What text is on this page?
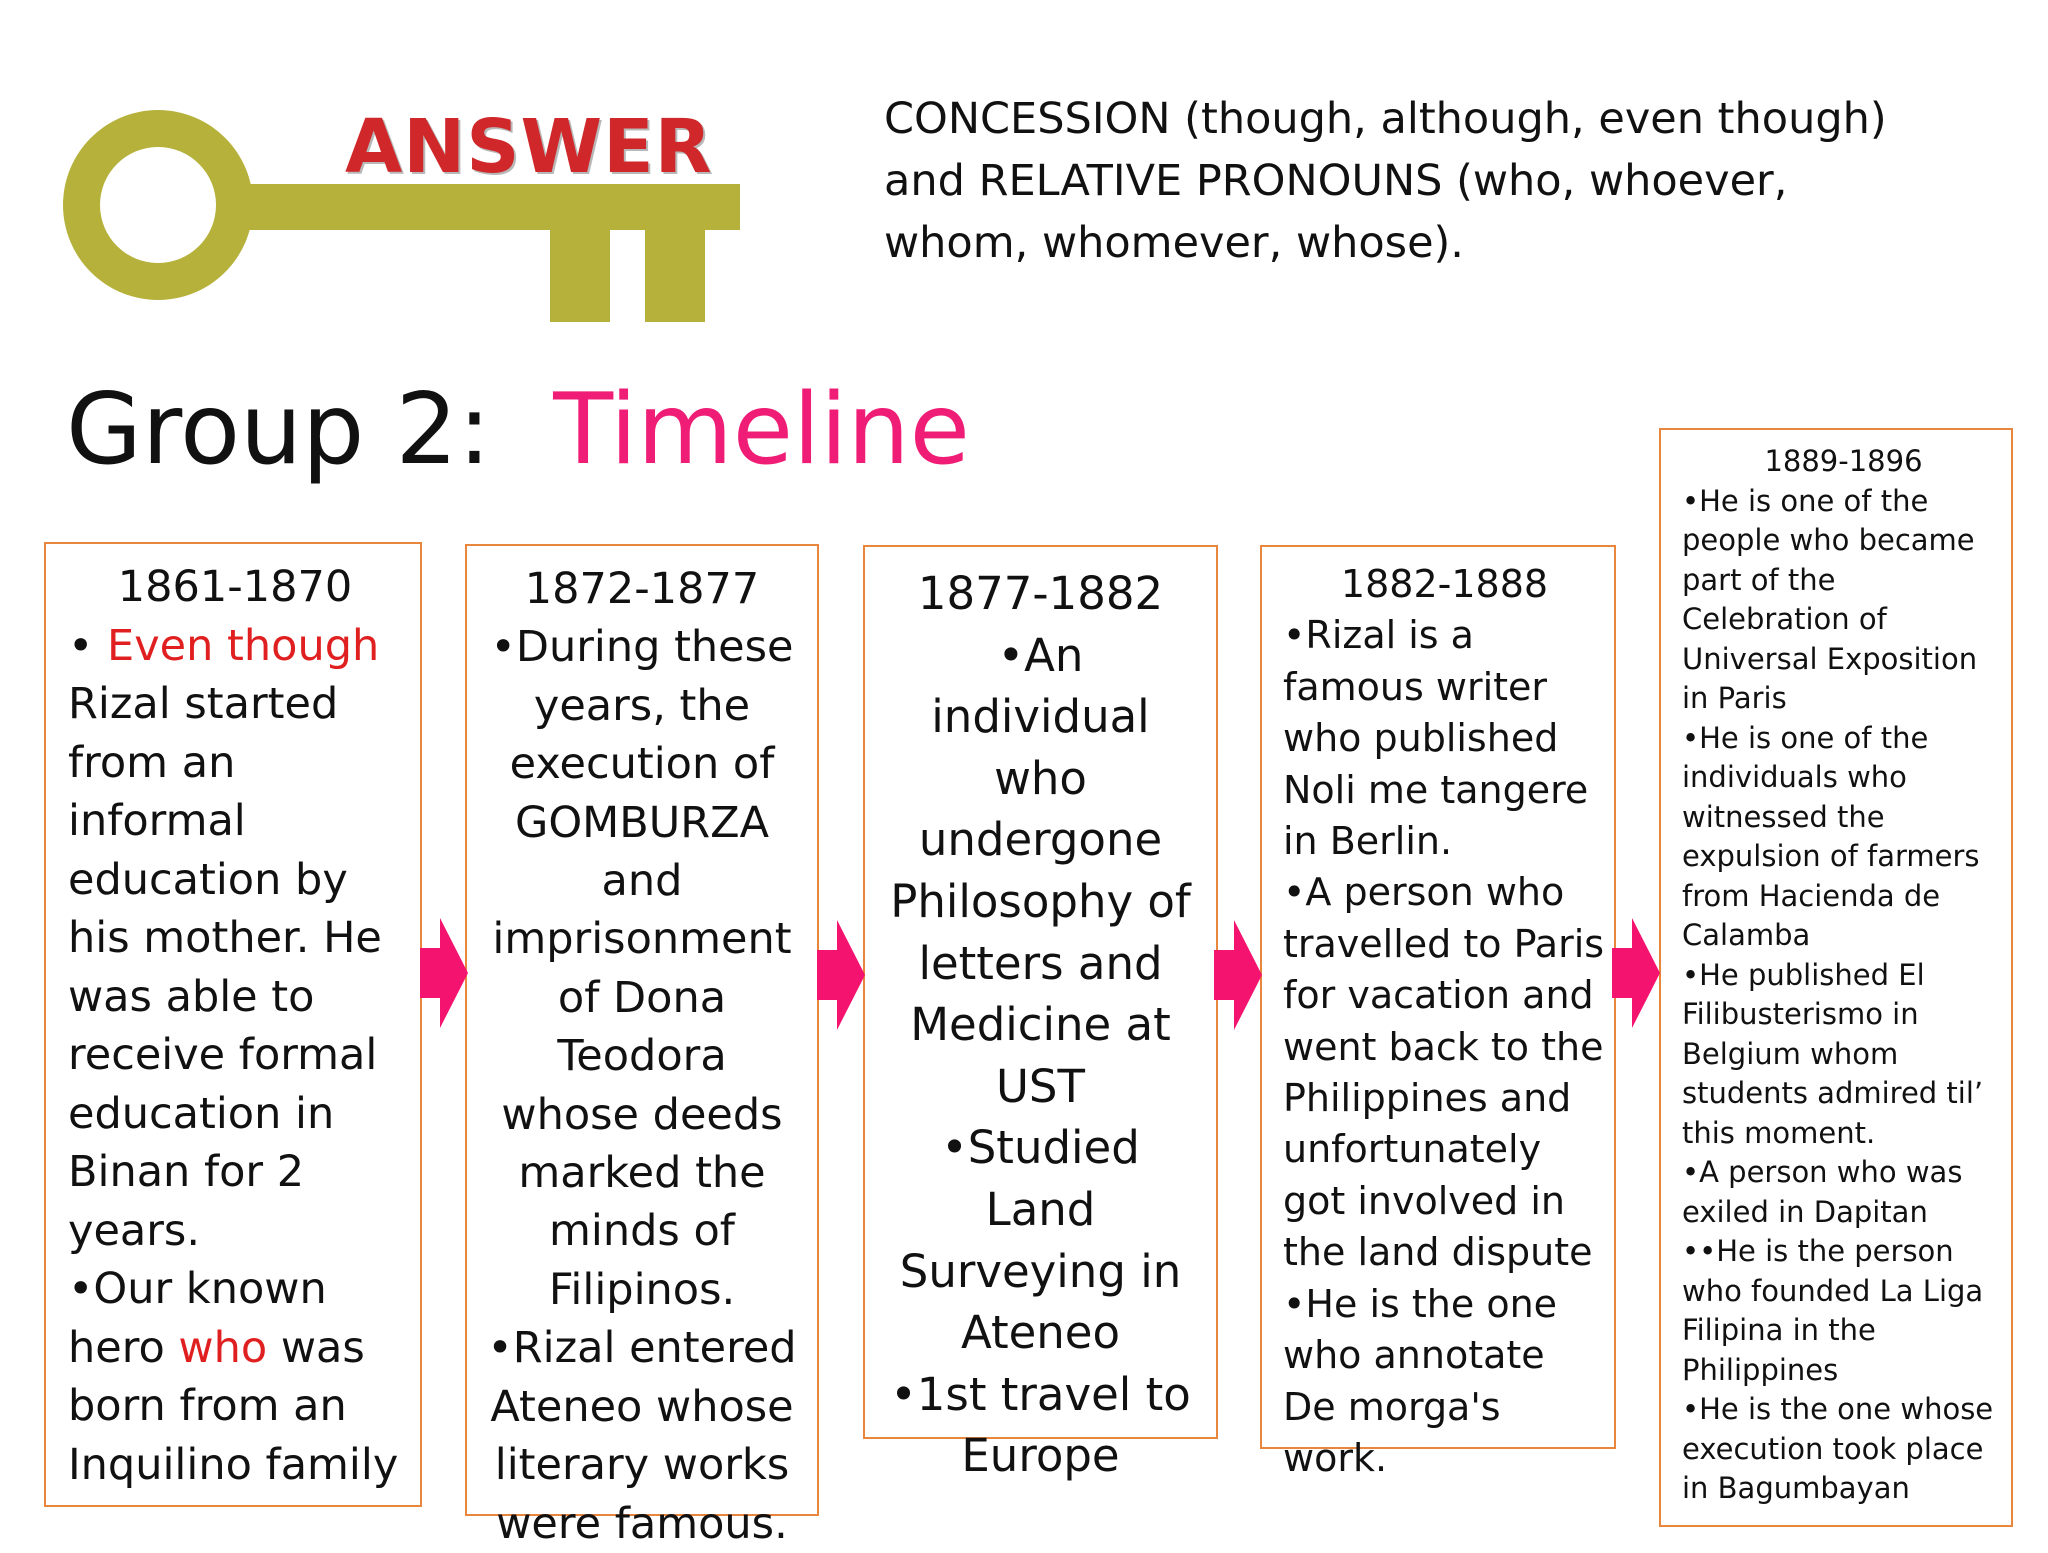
ANSWER	CONCESSION (though, although, even though)
and RELATIVE PRONOUNS (who, whoever,
whom, whomever, whose).
Group 2: Timeline
1861-1870
• Even though
Rizal started
from an
informal
education by
his mother. He
was able to
receive formal
education in
Binan for 2
years.
•Our known
hero who was
born from an
Inquilino family
1872-1877
•During these
years, the
execution of
GOMBURZA
and
imprisonment
of Dona
Teodora
whose deeds
marked the
minds of
Filipinos.
•Rizal entered
Ateneo whose
literary works
were famous.
1877-1882
•An
individual
who
undergone
Philosophy of
letters and
Medicine at
UST
•Studied
Land
Surveying in
Ateneo
•1st travel to
Europe
1882-1888
•Rizal is a
famous writer
who published
Noli me tangere
in Berlin.
•A person who
travelled to Paris
for vacation and
went back to the
Philippines and
unfortunately
got involved in
the land dispute
•He is the one
who annotate
De morga's
work.
1889-1896
•He is one of the
people who became
part of the
Celebration of
Universal Exposition
in Paris
•He is one of the
individuals who
witnessed the
expulsion of farmers
from Hacienda de
Calamba
•He published El
Filibusterismo in
Belgium whom
students admired til’
this moment.
•A person who was
exiled in Dapitan
••He is the person
who founded La Liga
Filipina in the
Philippines
•He is the one whose
execution took place
in Bagumbayan
